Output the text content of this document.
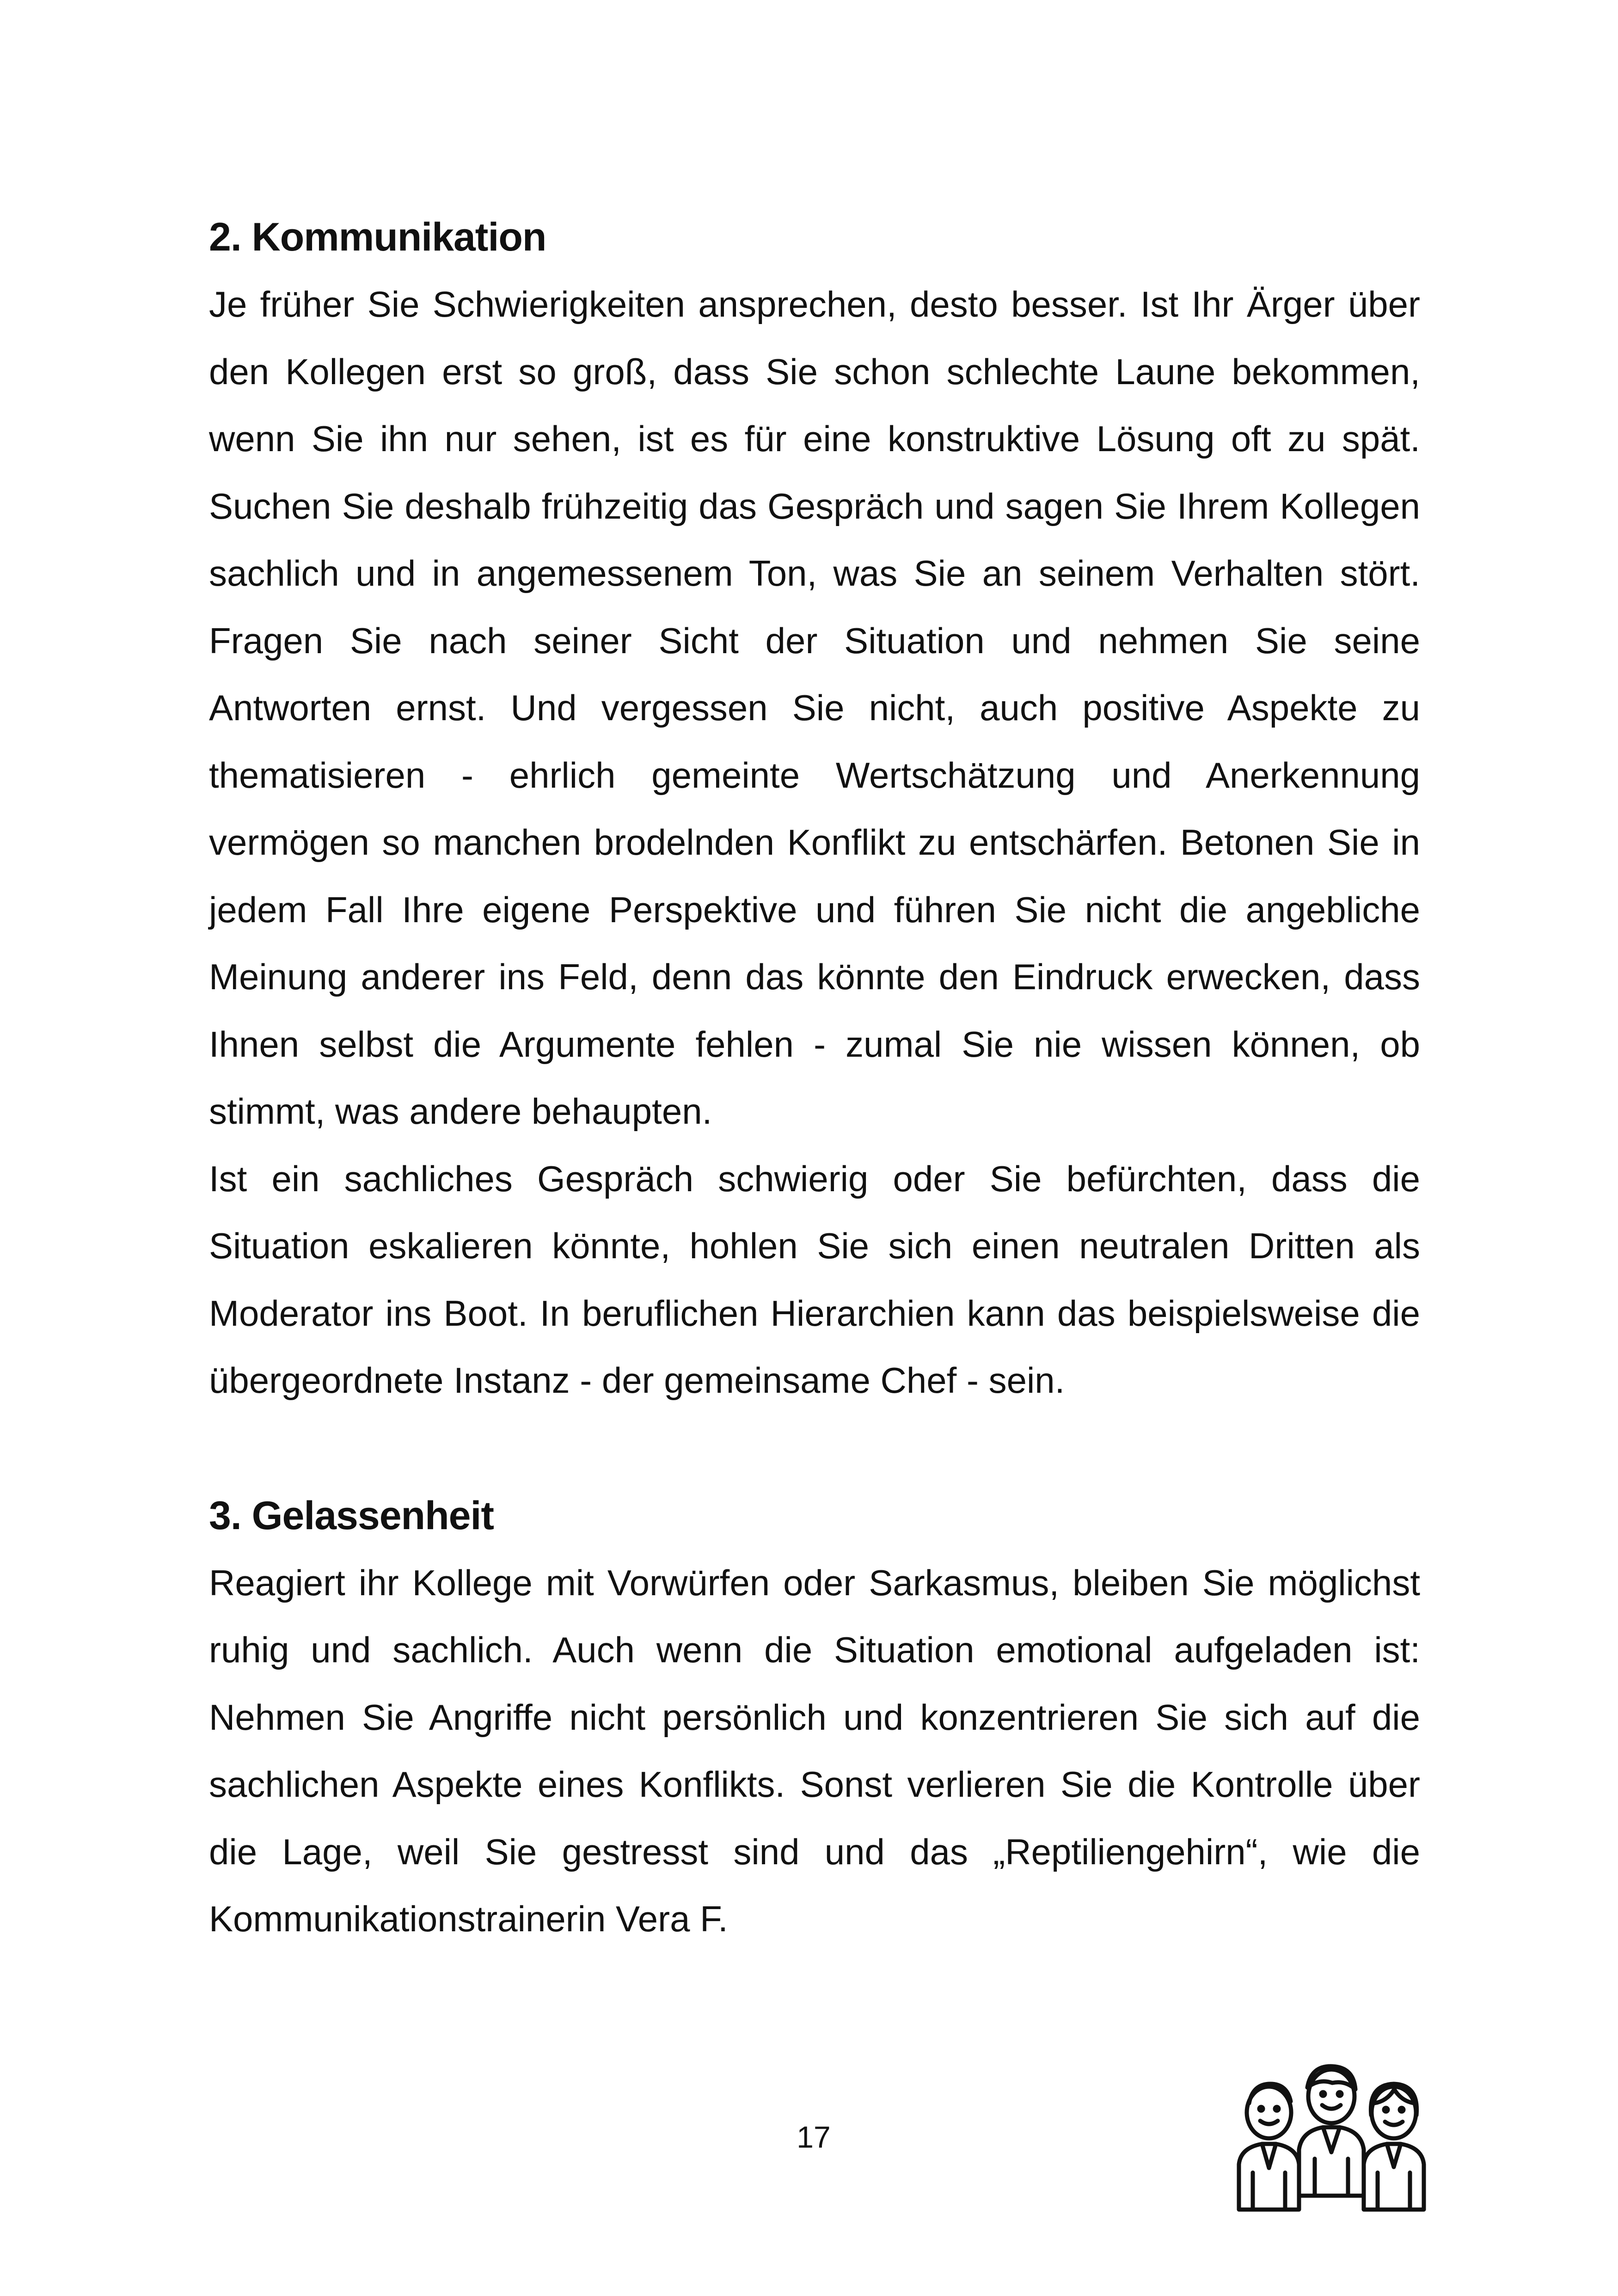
2. Kommunikation

Je früher Sie Schwierigkeiten ansprechen, desto besser. Ist Ihr Ärger über den Kollegen erst so groß, dass Sie schon schlechte Laune bekommen, wenn Sie ihn nur sehen, ist es für eine konstruktive Lösung oft zu spät. Suchen Sie deshalb frühzeitig das Gespräch und sagen Sie Ihrem Kollegen sachlich und in angemessenem Ton, was Sie an seinem Verhalten stört. Fragen Sie nach seiner Sicht der Situation und nehmen Sie seine Antworten ernst. Und vergessen Sie nicht, auch positive Aspekte zu thematisieren - ehrlich gemeinte Wertschätzung und Anerkennung vermögen so manchen brodelnden Konflikt zu entschärfen. Betonen Sie in jedem Fall Ihre eigene Perspektive und führen Sie nicht die angebliche Meinung anderer ins Feld, denn das könnte den Eindruck erwecken, dass Ihnen selbst die Argumente fehlen - zumal Sie nie wissen können, ob stimmt, was andere behaupten.

Ist ein sachliches Gespräch schwierig oder Sie befürchten, dass die Situation eskalieren könnte, hohlen Sie sich einen neutralen Dritten als Moderator ins Boot. In beruflichen Hierarchien kann das beispielsweise die übergeordnete Instanz - der gemeinsame Chef - sein.

3. Gelassenheit

Reagiert ihr Kollege mit Vorwürfen oder Sarkasmus, bleiben Sie möglichst ruhig und sachlich. Auch wenn die Situation emotional aufgeladen ist: Nehmen Sie Angriffe nicht persönlich und konzentrieren Sie sich auf die sachlichen Aspekte eines Konflikts. Sonst verlieren Sie die Kontrolle über die Lage, weil Sie gestresst sind und das „Reptiliengehirn“, wie die Kommunikationstrainerin Vera F.

17
